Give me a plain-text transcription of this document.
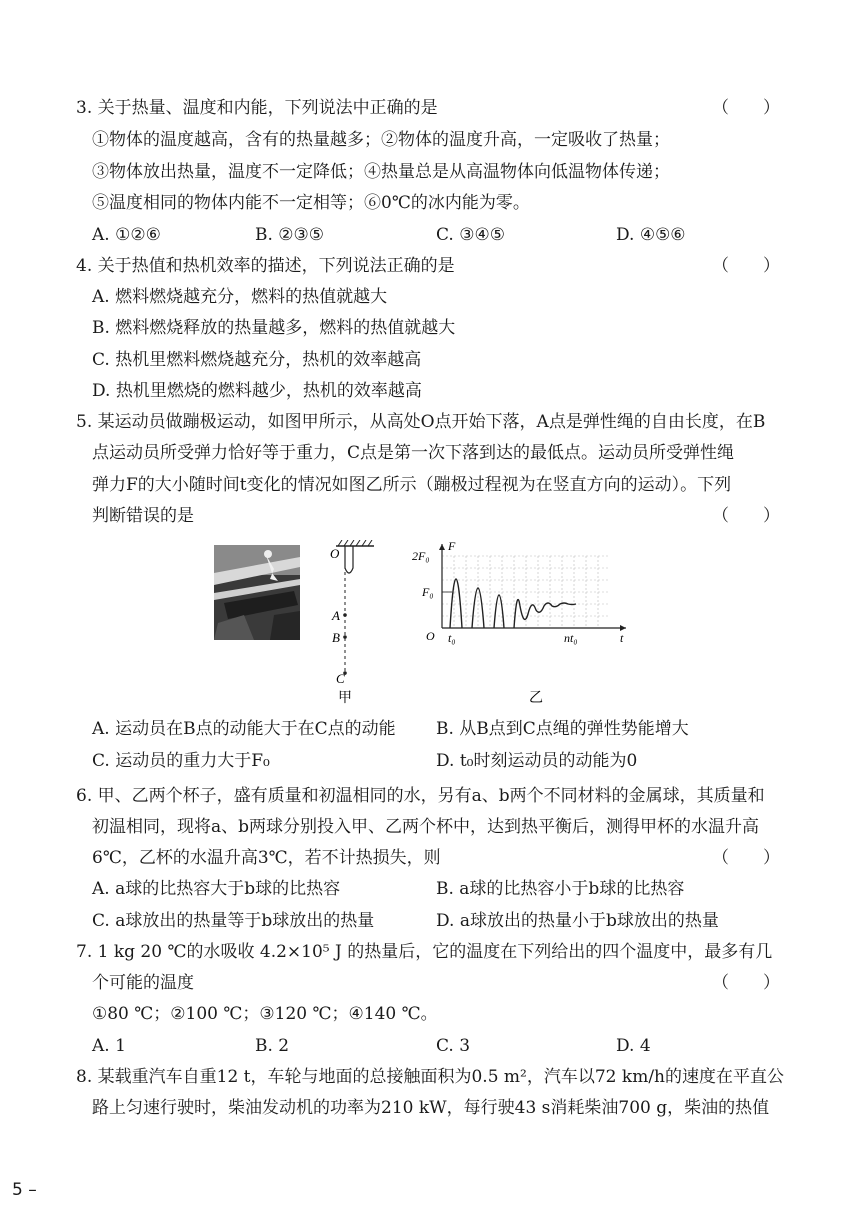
3. 关于热量、温度和内能，下列说法中正确的是	（　　）
①物体的温度越高，含有的热量越多；②物体的温度升高，一定吸收了热量；
③物体放出热量，温度不一定降低；④热量总是从高温物体向低温物体传递；
⑤温度相同的物体内能不一定相等；⑥0℃的冰内能为零。
A. ①②⑥	B. ②③⑤	C. ③④⑤	D. ④⑤⑥
4. 关于热值和热机效率的描述，下列说法正确的是	（　　）
A. 燃料燃烧越充分，燃料的热值就越大
B. 燃料燃烧释放的热量越多，燃料的热值就越大
C. 热机里燃料燃烧越充分，热机的效率越高
D. 热机里燃烧的燃料越少，热机的效率越高
5. 某运动员做蹦极运动，如图甲所示，从高处O点开始下落，A点是弹性绳的自由长度，在B
点运动员所受弹力恰好等于重力，C点是第一次下落到达的最低点。运动员所受弹性绳
弹力F的大小随时间t变化的情况如图乙所示（蹦极过程视为在竖直方向的运动）。下列
判断错误的是	（　　）
O
A
B
C
甲
F
2F₀
F₀
O t₀	nt₀	t
乙
A. 运动员在B点的动能大于在C点的动能 B. 从B点到C点绳的弹性势能增大
C. 运动员的重力大于F₀	D. t₀时刻运动员的动能为0
6. 甲、乙两个杯子，盛有质量和初温相同的水，另有a、b两个不同材料的金属球，其质量和
初温相同，现将a、b两球分别投入甲、乙两个杯中，达到热平衡后，测得甲杯的水温升高
6℃，乙杯的水温升高3℃，若不计热损失，则	（　　）
A. a球的比热容大于b球的比热容	B. a球的比热容小于b球的比热容
C. a球放出的热量等于b球放出的热量	D. a球放出的热量小于b球放出的热量
7. 1 kg 20 ℃的水吸收 4.2×10⁵ J 的热量后，它的温度在下列给出的四个温度中，最多有几
个可能的温度	（　　）
①80 ℃；②100 ℃；③120 ℃；④140 ℃。
A. 1	B. 2	C. 3	D. 4
8. 某载重汽车自重12 t，车轮与地面的总接触面积为0.5 m²，汽车以72 km/h的速度在平直公
路上匀速行驶时，柴油发动机的功率为210 kW，每行驶43 s消耗柴油700 g，柴油的热值
5 –
